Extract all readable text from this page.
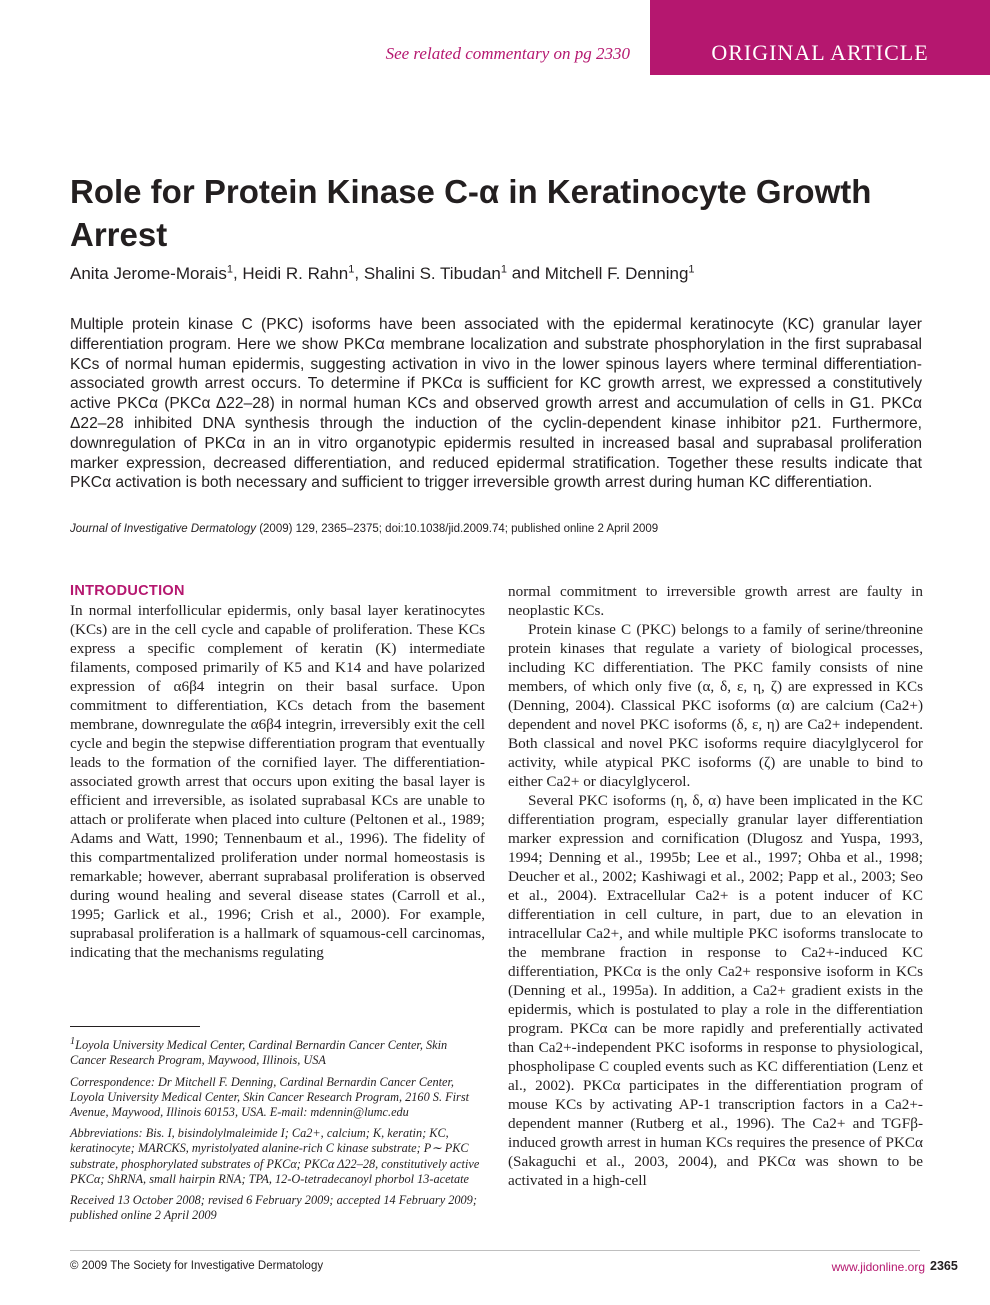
See related commentary on pg 2330	ORIGINAL ARTICLE
Role for Protein Kinase C-α in Keratinocyte Growth Arrest
Anita Jerome-Morais$^1$, Heidi R. Rahn$^1$, Shalini S. Tibudan$^1$ and Mitchell F. Denning$^1$
Multiple protein kinase C (PKC) isoforms have been associated with the epidermal keratinocyte (KC) granular layer differentiation program. Here we show PKCα membrane localization and substrate phosphorylation in the first suprabasal KCs of normal human epidermis, suggesting activation in vivo in the lower spinous layers where terminal differentiation-associated growth arrest occurs. To determine if PKCα is sufficient for KC growth arrest, we expressed a constitutively active PKCα (PKCα Δ22–28) in normal human KCs and observed growth arrest and accumulation of cells in G1. PKCα Δ22–28 inhibited DNA synthesis through the induction of the cyclin-dependent kinase inhibitor p21. Furthermore, downregulation of PKCα in an in vitro organotypic epidermis resulted in increased basal and suprabasal proliferation marker expression, decreased differentiation, and reduced epidermal stratification. Together these results indicate that PKCα activation is both necessary and sufficient to trigger irreversible growth arrest during human KC differentiation.
Journal of Investigative Dermatology (2009) 129, 2365–2375; doi:10.1038/jid.2009.74; published online 2 April 2009
INTRODUCTION

In normal interfollicular epidermis, only basal layer keratinocytes (KCs) are in the cell cycle and capable of proliferation. These KCs express a specific complement of keratin (K) intermediate filaments, composed primarily of K5 and K14 and have polarized expression of α6β4 integrin on their basal surface. Upon commitment to differentiation, KCs detach from the basement membrane, downregulate the α6β4 integrin, irreversibly exit the cell cycle and begin the stepwise differentiation program that eventually leads to the formation of the cornified layer. The differentiation-associated growth arrest that occurs upon exiting the basal layer is efficient and irreversible, as isolated suprabasal KCs are unable to attach or proliferate when placed into culture (Peltonen et al., 1989; Adams and Watt, 1990; Tennenbaum et al., 1996). The fidelity of this compartmentalized proliferation under normal homeostasis is remarkable; however, aberrant suprabasal proliferation is observed during wound healing and several disease states (Carroll et al., 1995; Garlick et al., 1996; Crish et al., 2000). For example, suprabasal proliferation is a hallmark of squamous-cell carcinomas, indicating that the mechanisms regulating

normal commitment to irreversible growth arrest are faulty in neoplastic KCs.

Protein kinase C (PKC) belongs to a family of serine/threonine protein kinases that regulate a variety of biological processes, including KC differentiation. The PKC family consists of nine members, of which only five (α, δ, ε, η, ζ) are expressed in KCs (Denning, 2004). Classical PKC isoforms (α) are calcium (Ca2+) dependent and novel PKC isoforms (δ, ε, η) are Ca2+ independent. Both classical and novel PKC isoforms require diacylglycerol for activity, while atypical PKC isoforms (ζ) are unable to bind to either Ca2+ or diacylglycerol.

Several PKC isoforms (η, δ, α) have been implicated in the KC differentiation program, especially granular layer differentiation marker expression and cornification (Dlugosz and Yuspa, 1993, 1994; Denning et al., 1995b; Lee et al., 1997; Ohba et al., 1998; Deucher et al., 2002; Kashiwagi et al., 2002; Papp et al., 2003; Seo et al., 2004). Extracellular Ca2+ is a potent inducer of KC differentiation in cell culture, in part, due to an elevation in intracellular Ca2+, and while multiple PKC isoforms translocate to the membrane fraction in response to Ca2+-induced KC differentiation, PKCα is the only Ca2+ responsive isoform in KCs (Denning et al., 1995a). In addition, a Ca2+ gradient exists in the epidermis, which is postulated to play a role in the differentiation program. PKCα can be more rapidly and preferentially activated than Ca2+-independent PKC isoforms in response to physiological, phospholipase C coupled events such as KC differentiation (Lenz et al., 2002). PKCα participates in the differentiation program of mouse KCs by activating AP-1 transcription factors in a Ca2+-dependent manner (Rutberg et al., 1996). The Ca2+ and TGFβ-induced growth arrest in human KCs requires the presence of PKCα (Sakaguchi et al., 2003, 2004), and PKCα was shown to be activated in a high-cell

$^1$Loyola University Medical Center, Cardinal Bernardin Cancer Center, Skin Cancer Research Program, Maywood, Illinois, USA

Correspondence: Dr Mitchell F. Denning, Cardinal Bernardin Cancer Center, Loyola University Medical Center, Skin Cancer Research Program, 2160 S. First Avenue, Maywood, Illinois 60153, USA. E-mail: mdennin@lumc.edu

Abbreviations: Bis. I, bisindolylmaleimide I; Ca2+, calcium; K, keratin; KC, keratinocyte; MARCKS, myristolyated alanine-rich C kinase substrate; P∼ PKC substrate, phosphorylated substrates of PKCα; PKCα Δ22–28, constitutively active PKCα; ShRNA, small hairpin RNA; TPA, 12-O-tetradecanoyl phorbol 13-acetate

Received 13 October 2008; revised 6 February 2009; accepted 14 February 2009; published online 2 April 2009

© 2009 The Society for Investigative Dermatology	www.jidonline.org 2365
